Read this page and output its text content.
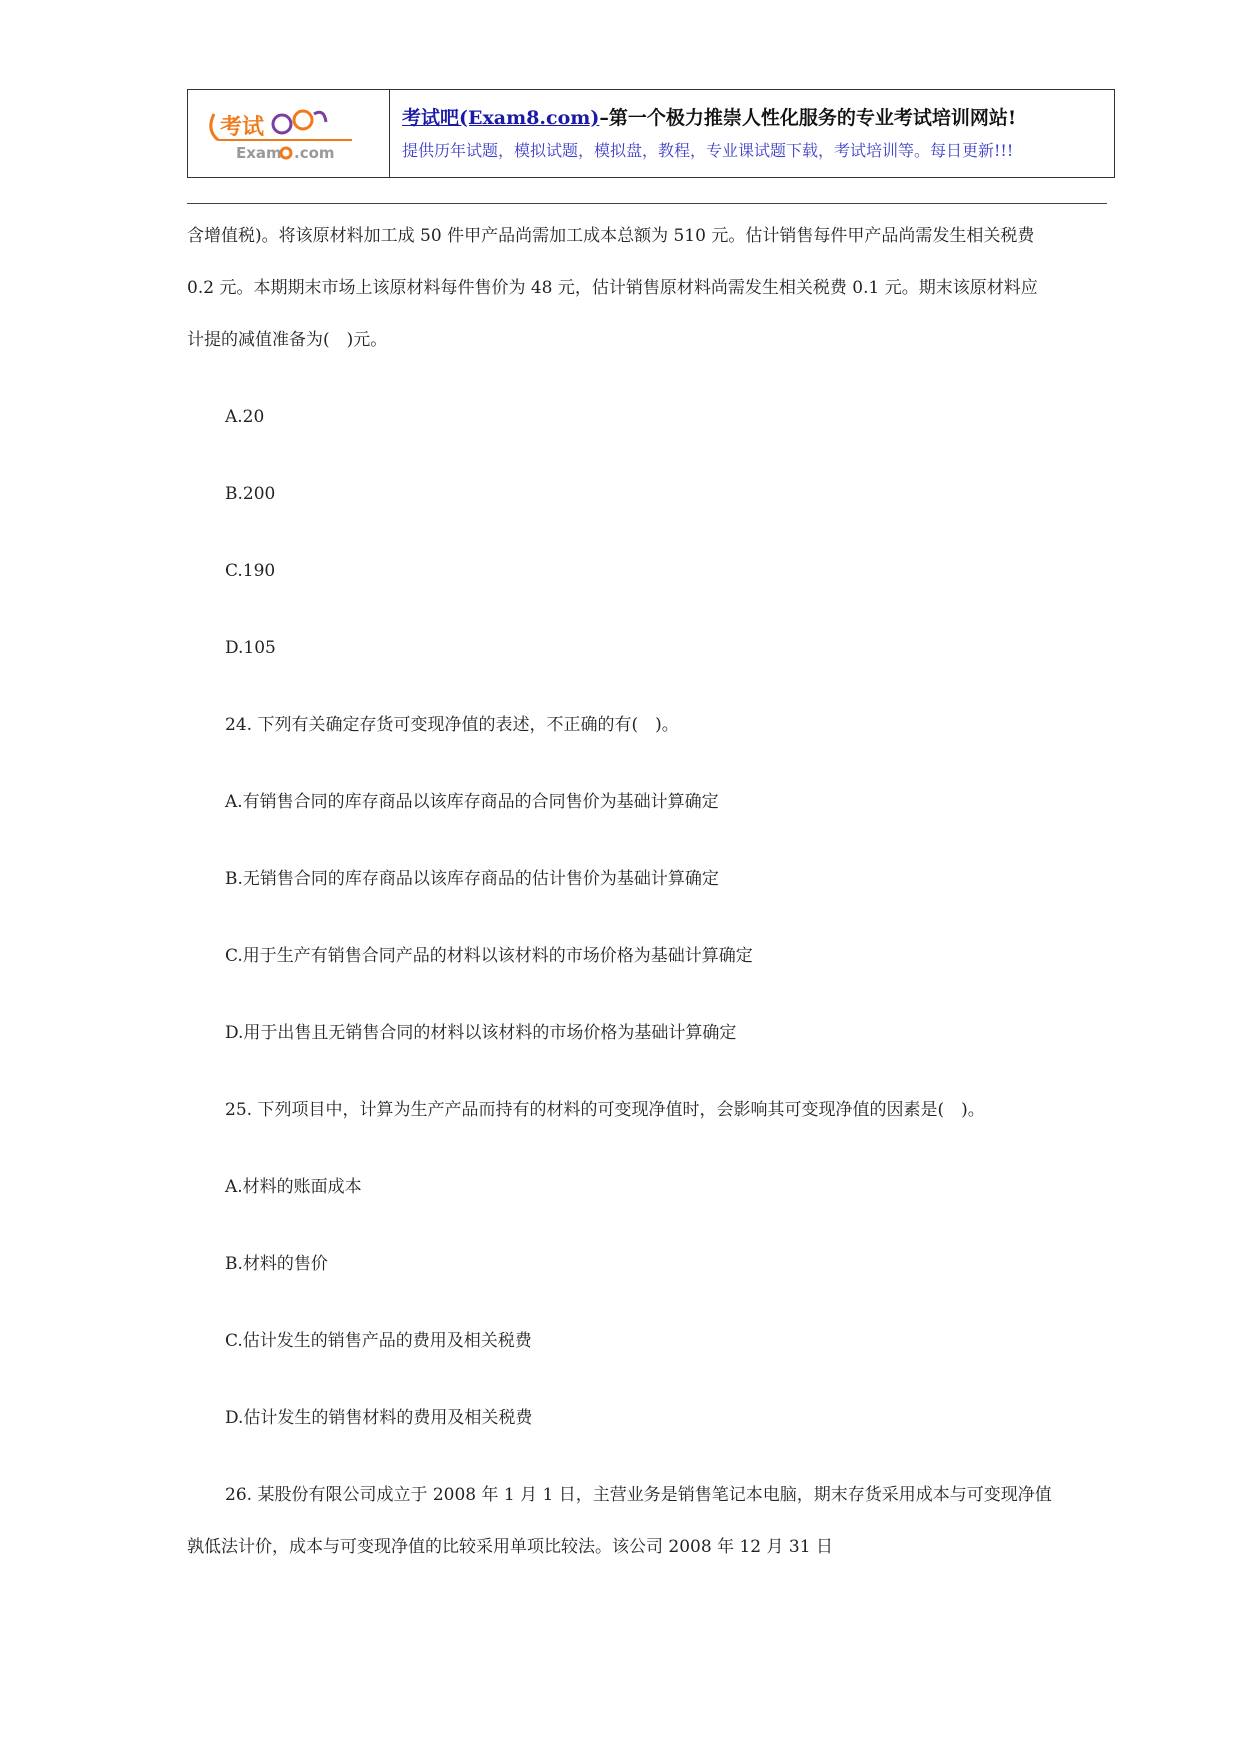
考试
Exam .com
考试吧(Exam8.com)–第一个极力推崇人性化服务的专业考试培训网站!
提供历年试题，模拟试题，模拟盘，教程，专业课试题下载，考试培训等。每日更新!!!

含增值税)。将该原材料加工成 50 件甲产品尚需加工成本总额为 510 元。估计销售每件甲产品尚需发生相关税费

0.2 元。本期期末市场上该原材料每件售价为 48 元，估计销售原材料尚需发生相关税费 0.1 元。期末该原材料应

计提的减值准备为(　)元。

A.20

B.200

C.190

D.105

24. 下列有关确定存货可变现净值的表述，不正确的有(　)。

A.有销售合同的库存商品以该库存商品的合同售价为基础计算确定

B.无销售合同的库存商品以该库存商品的估计售价为基础计算确定

C.用于生产有销售合同产品的材料以该材料的市场价格为基础计算确定

D.用于出售且无销售合同的材料以该材料的市场价格为基础计算确定

25. 下列项目中，计算为生产产品而持有的材料的可变现净值时，会影响其可变现净值的因素是(　)。

A.材料的账面成本

B.材料的售价

C.估计发生的销售产品的费用及相关税费

D.估计发生的销售材料的费用及相关税费

26. 某股份有限公司成立于 2008 年 1 月 1 日，主营业务是销售笔记本电脑，期末存货采用成本与可变现净值

孰低法计价，成本与可变现净值的比较采用单项比较法。该公司 2008 年 12 月 31 日
